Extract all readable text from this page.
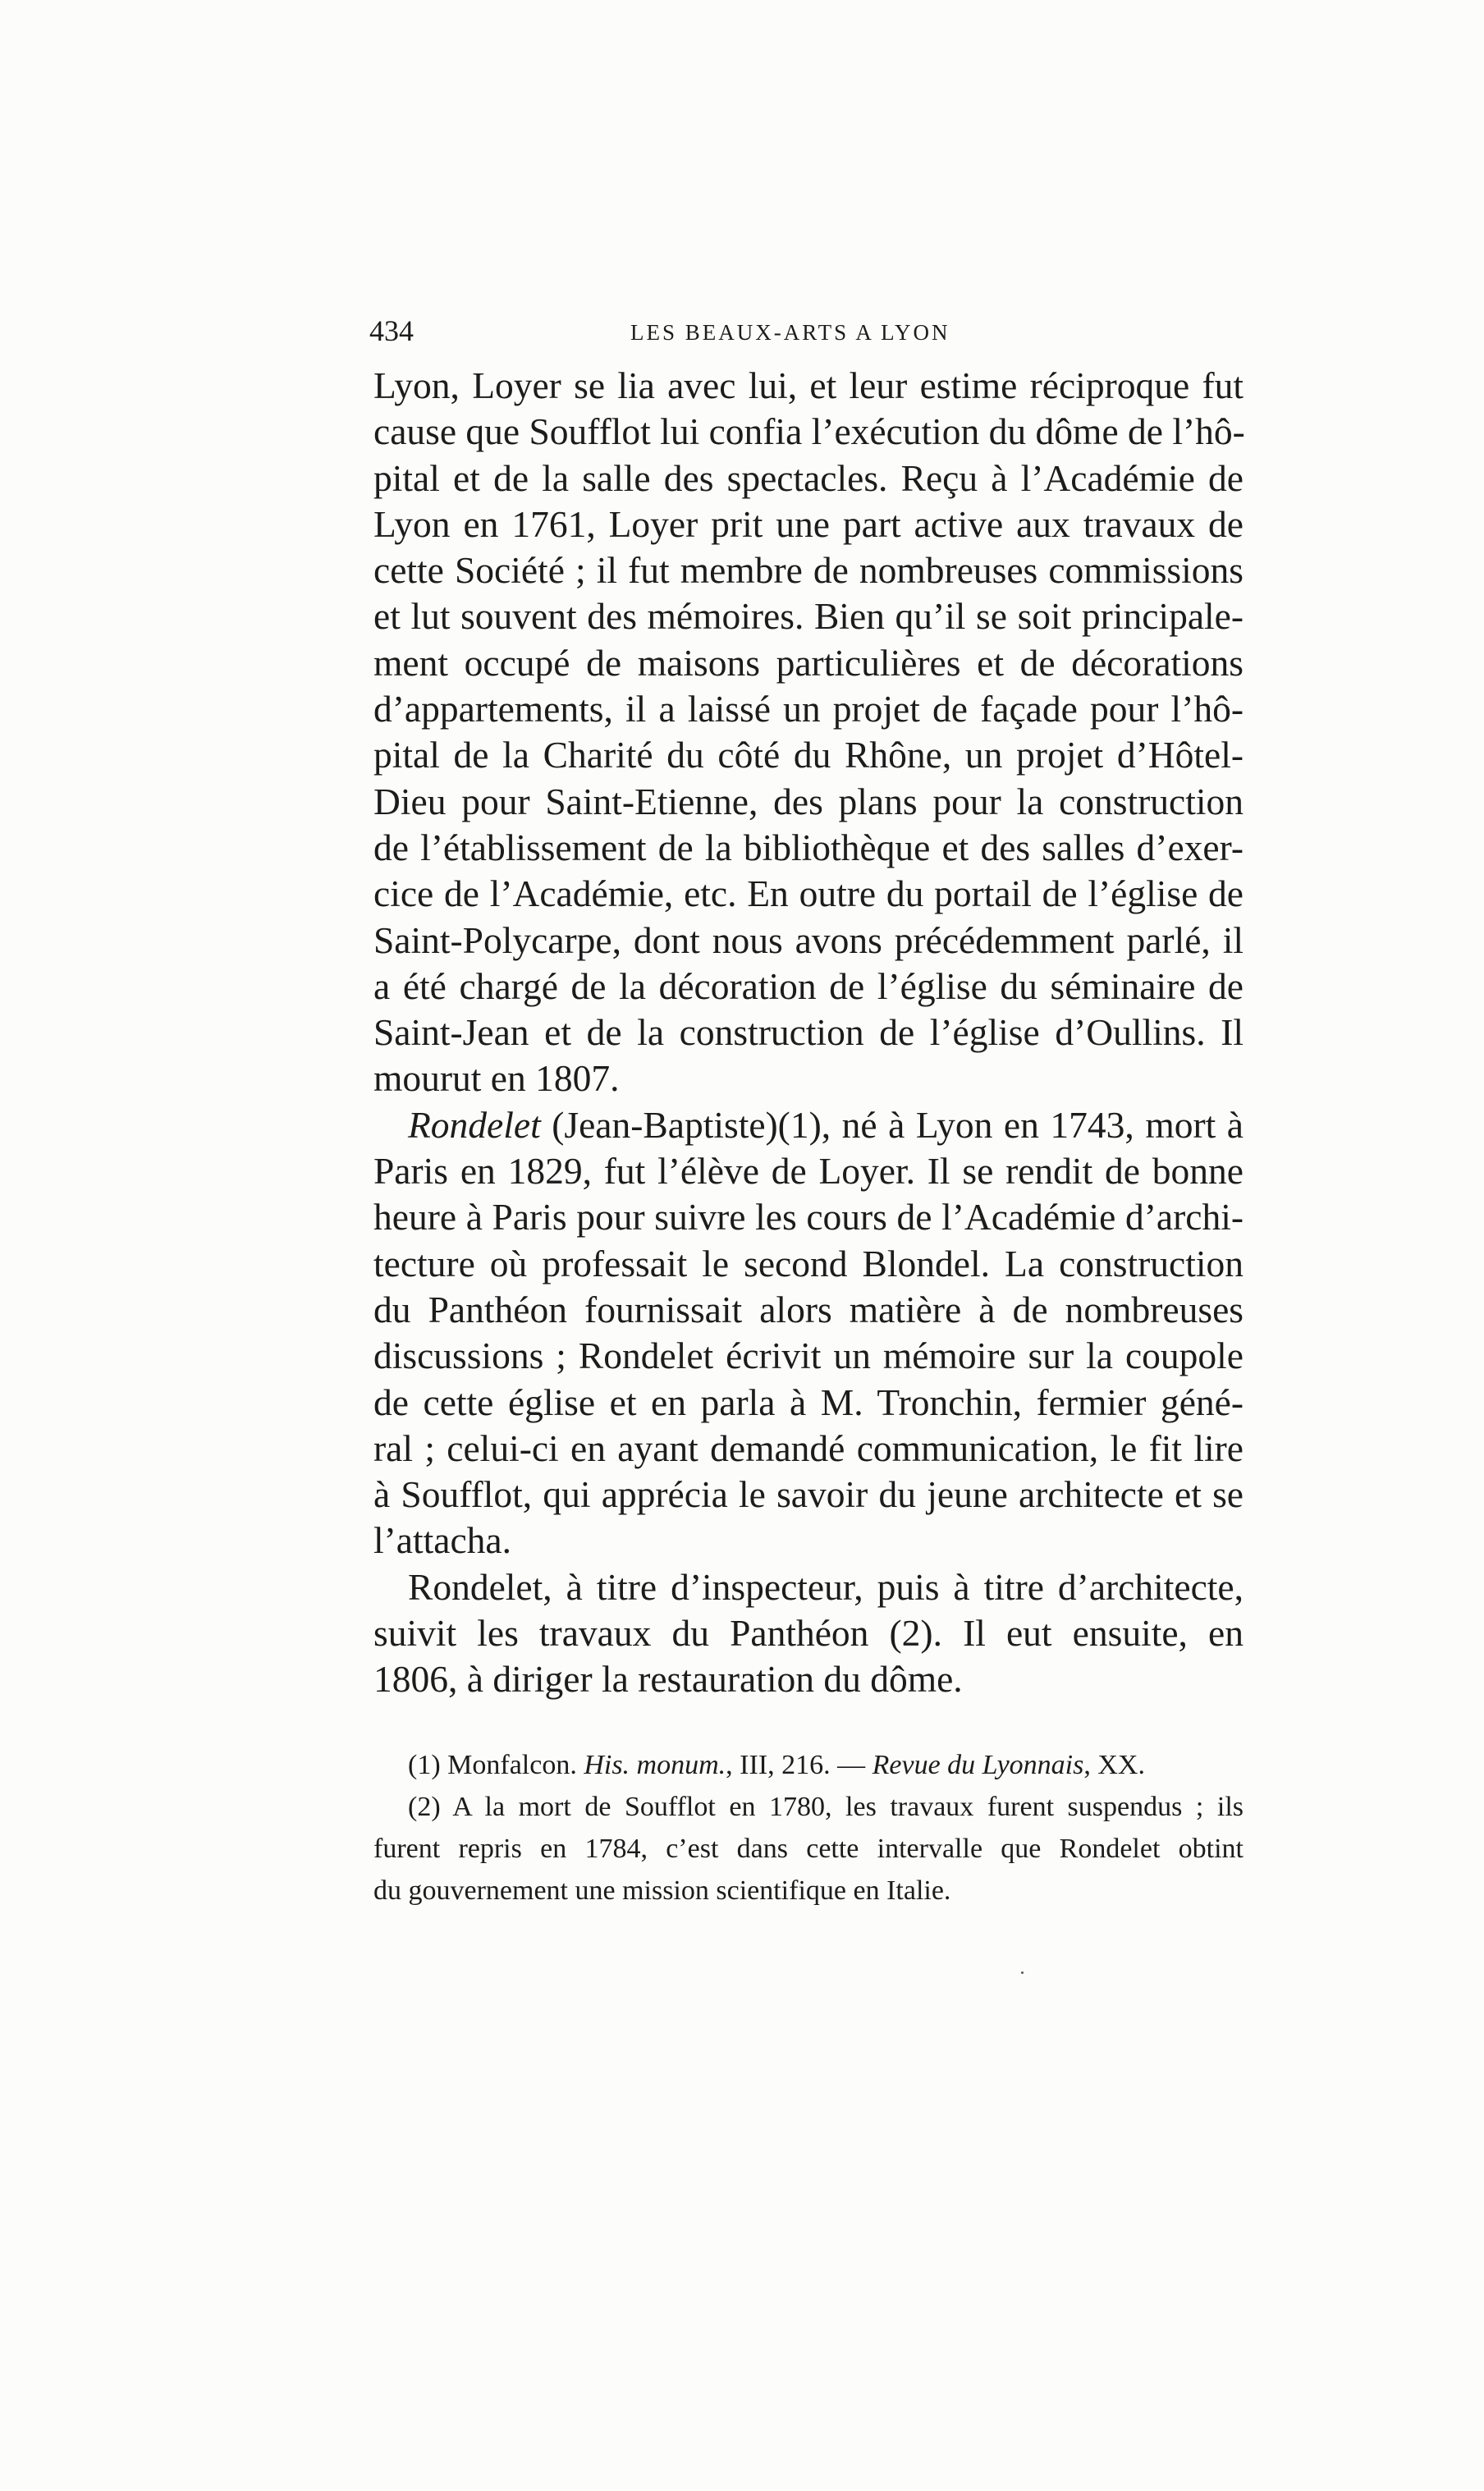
434	LES BEAUX-ARTS A LYON
Lyon, Loyer se lia avec lui, et leur estime réciproque fut
cause que Soufflot lui confia l’exécution du dôme de l’hô-
pital et de la salle des spectacles. Reçu à l’Académie de
Lyon en 1761, Loyer prit une part active aux travaux de
cette Société ; il fut membre de nombreuses commissions
et lut souvent des mémoires. Bien qu’il se soit principale-
ment occupé de maisons particulières et de décorations
d’appartements, il a laissé un projet de façade pour l’hô-
pital de la Charité du côté du Rhône, un projet d’Hôtel-
Dieu pour Saint-Etienne, des plans pour la construction
de l’établissement de la bibliothèque et des salles d’exer-
cice de l’Académie, etc. En outre du portail de l’église de
Saint-Polycarpe, dont nous avons précédemment parlé, il
a été chargé de la décoration de l’église du séminaire de
Saint-Jean et de la construction de l’église d’Oullins. Il
mourut en 1807.
Rondelet (Jean-Baptiste)(1), né à Lyon en 1743, mort à
Paris en 1829, fut l’élève de Loyer. Il se rendit de bonne
heure à Paris pour suivre les cours de l’Académie d’archi-
tecture où professait le second Blondel. La construction
du Panthéon fournissait alors matière à de nombreuses
discussions ; Rondelet écrivit un mémoire sur la coupole
de cette église et en parla à M. Tronchin, fermier géné-
ral ; celui-ci en ayant demandé communication, le fit lire
à Soufflot, qui apprécia le savoir du jeune architecte et se
l’attacha.
Rondelet, à titre d’inspecteur, puis à titre d’architecte,
suivit les travaux du Panthéon (2). Il eut ensuite, en
1806, à diriger la restauration du dôme.
(1) Monfalcon. His. monum., III, 216. — Revue du Lyonnais, XX.
(2) A la mort de Soufflot en 1780, les travaux furent suspendus ; ils
furent repris en 1784, c’est dans cette intervalle que Rondelet obtint
du gouvernement une mission scientifique en Italie.
